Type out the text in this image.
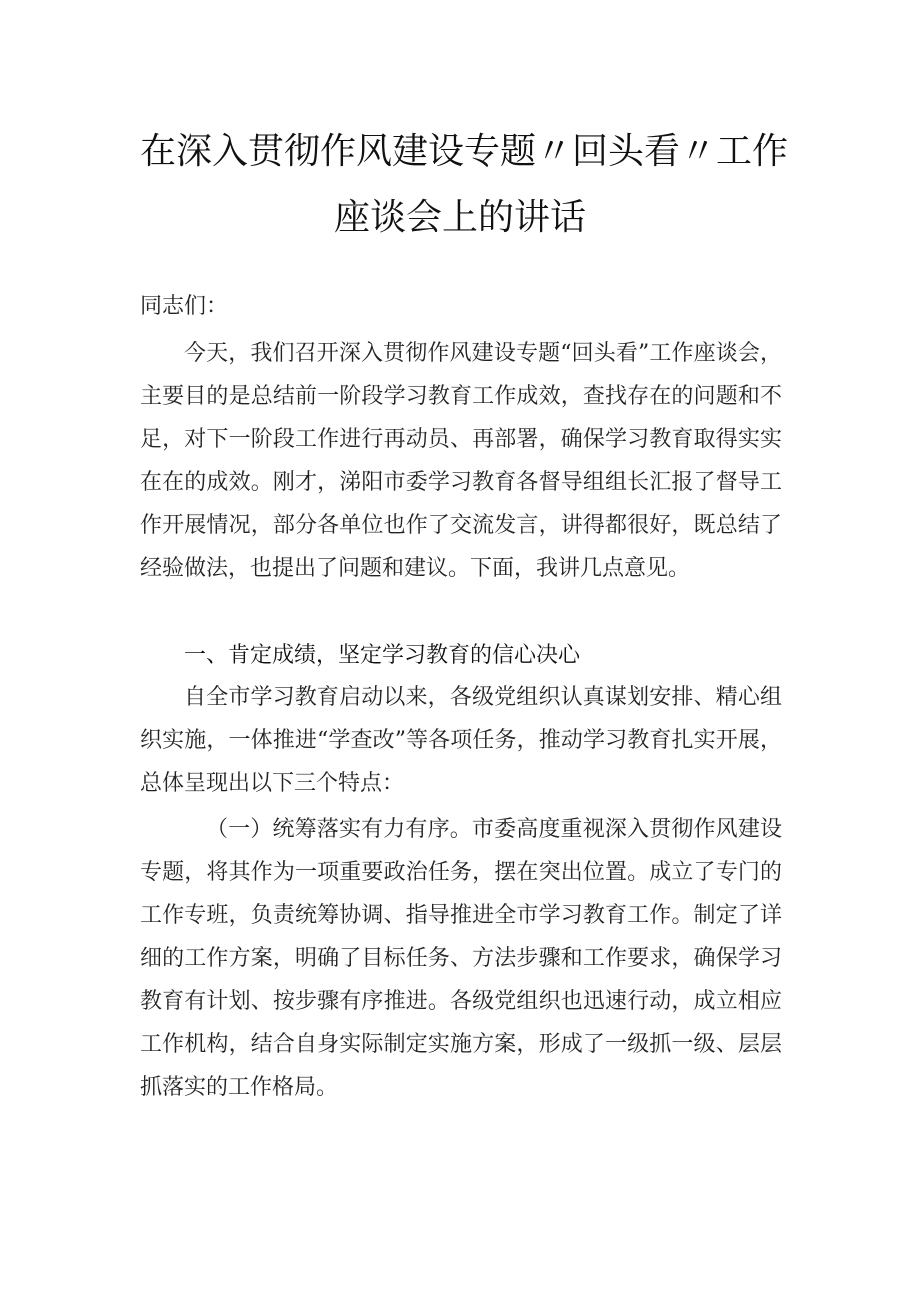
在深入贯彻作风建设专题〃回头看〃工作
座谈会上的讲话
同志们：

今天，我们召开深入贯彻作风建设专题“回头看”工作座谈会，主要目的是总结前一阶段学习教育工作成效，查找存在的问题和不足，对下一阶段工作进行再动员、再部署，确保学习教育取得实实在在的成效。刚才，涕阳市委学习教育各督导组组长汇报了督导工作开展情况，部分各单位也作了交流发言，讲得都很好，既总结了经验做法，也提出了问题和建议。下面，我讲几点意见。

一、肯定成绩，坚定学习教育的信心决心

自全市学习教育启动以来，各级党组织认真谋划安排、精心组织实施，一体推进“学查改”等各项任务，推动学习教育扎实开展，总体呈现出以下三个特点：

（一）统筹落实有力有序。市委高度重视深入贯彻作风建设专题，将其作为一项重要政治任务，摆在突出位置。成立了专门的工作专班，负责统筹协调、指导推进全市学习教育工作。制定了详细的工作方案，明确了目标任务、方法步骤和工作要求，确保学习教育有计划、按步骤有序推进。各级党组织也迅速行动，成立相应工作机构，结合自身实际制定实施方案，形成了一级抓一级、层层抓落实的工作格局。
